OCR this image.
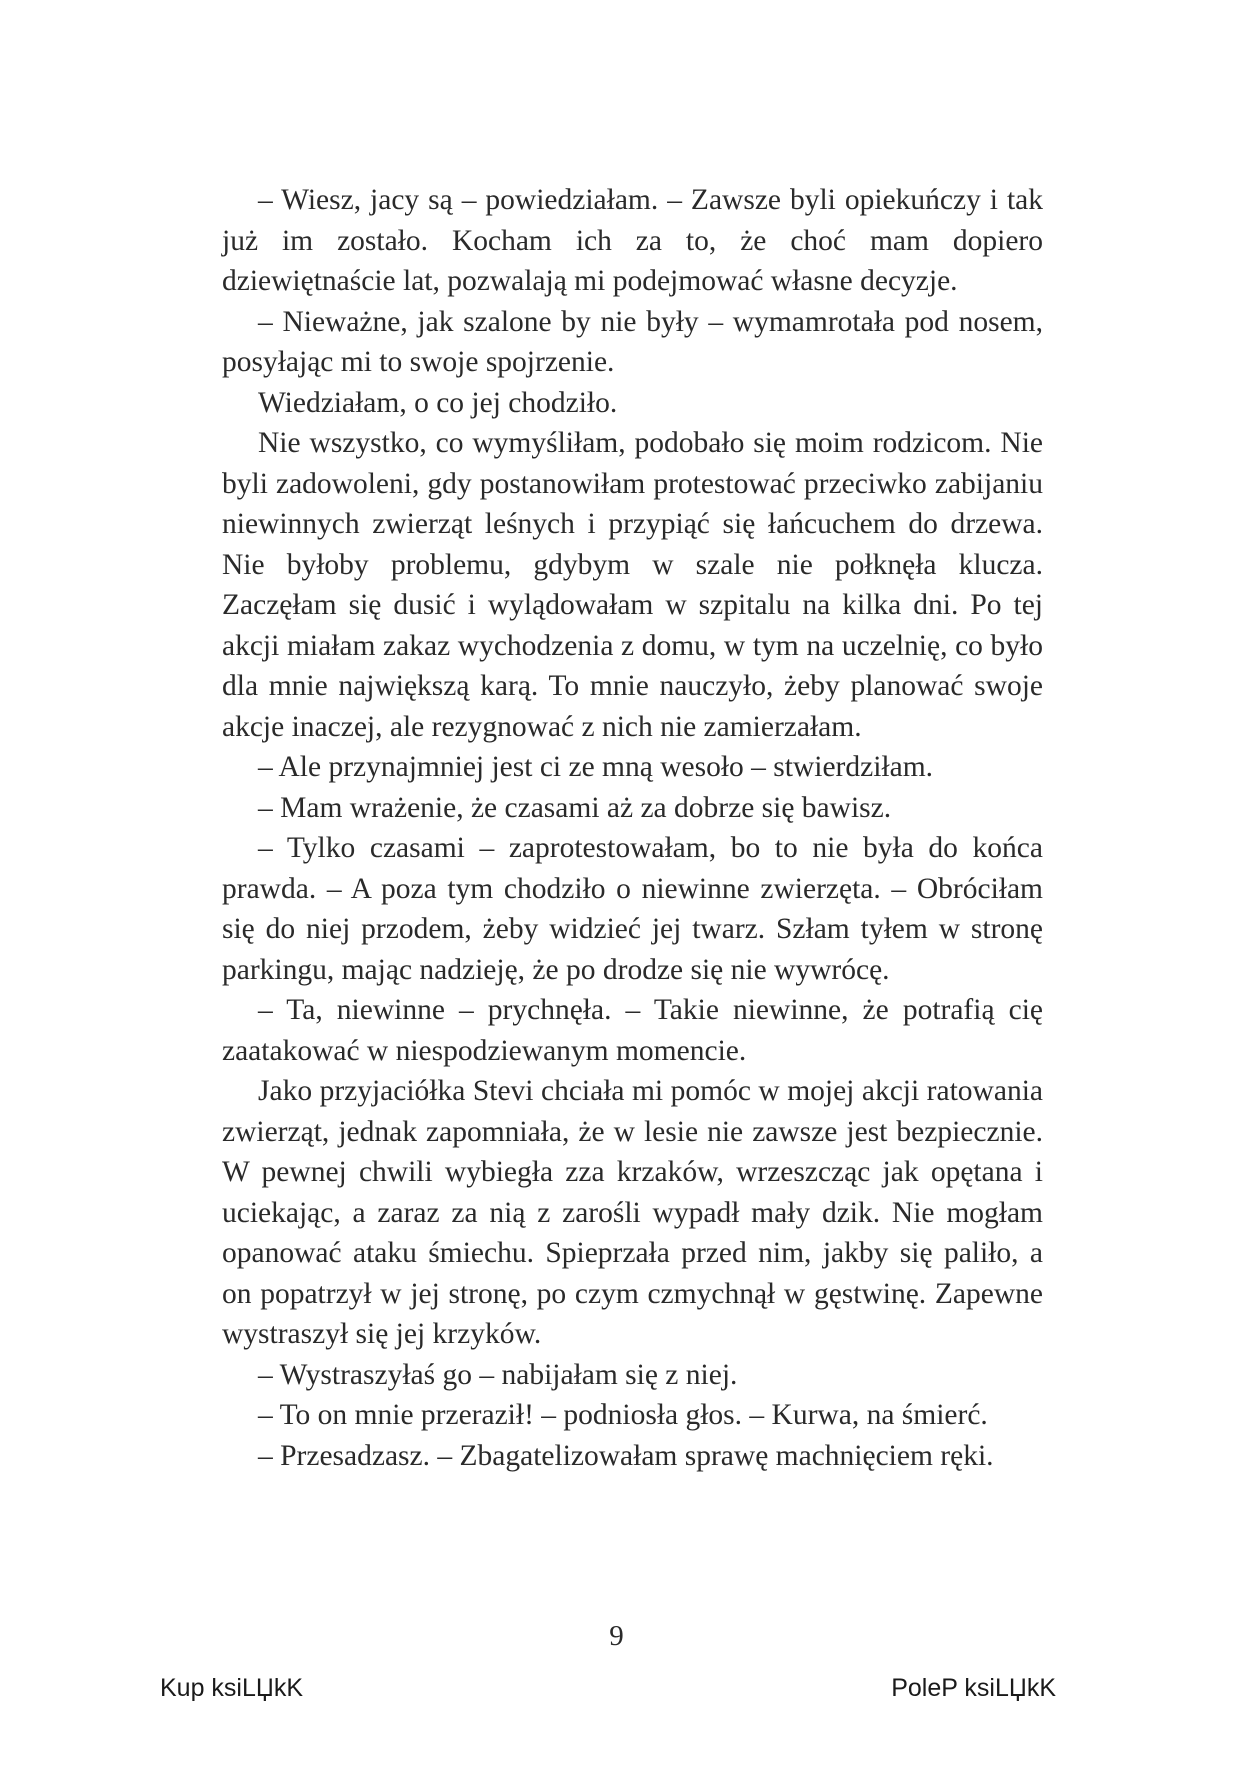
– Wiesz, jacy są – powiedziałam. – Zawsze byli opiekuńczy i tak już im zostało. Kocham ich za to, że choć mam dopiero dziewiętnaście lat, pozwalają mi podejmować własne decyzje.

– Nieważne, jak szalone by nie były – wymamrotała pod nosem, posyłając mi to swoje spojrzenie.

Wiedziałam, o co jej chodziło.

Nie wszystko, co wymyśliłam, podobało się moim rodzicom. Nie byli zadowoleni, gdy postanowiłam protestować przeciwko zabijaniu niewinnych zwierząt leśnych i przypiąć się łańcuchem do drzewa. Nie byłoby problemu, gdybym w szale nie połknęła klucza. Zaczęłam się dusić i wylądowałam w szpitalu na kilka dni. Po tej akcji miałam zakaz wychodzenia z domu, w tym na uczelnię, co było dla mnie największą karą. To mnie nauczyło, żeby planować swoje akcje inaczej, ale rezygnować z nich nie zamierzałam.

– Ale przynajmniej jest ci ze mną wesoło – stwierdziłam.

– Mam wrażenie, że czasami aż za dobrze się bawisz.

– Tylko czasami – zaprotestowałam, bo to nie była do końca prawda. – A poza tym chodziło o niewinne zwierzęta. – Obróciłam się do niej przodem, żeby widzieć jej twarz. Szłam tyłem w stronę parkingu, mając nadzieję, że po drodze się nie wywrócę.

– Ta, niewinne – prychnęła. – Takie niewinne, że potrafią cię zaatakować w niespodziewanym momencie.

Jako przyjaciółka Stevi chciała mi pomóc w mojej akcji ratowania zwierząt, jednak zapomniała, że w lesie nie zawsze jest bezpiecznie. W pewnej chwili wybiegła zza krzaków, wrzeszcząc jak opętana i uciekając, a zaraz za nią z zarośli wypadł mały dzik. Nie mogłam opanować ataku śmiechu. Spieprzała przed nim, jakby się paliło, a on popatrzył w jej stronę, po czym czmychnął w gęstwinę. Zapewne wystraszył się jej krzyków.

– Wystraszyłaś go – nabijałam się z niej.

– To on mnie przeraził! – podniosła głos. – Kurwa, na śmierć.

– Przesadzasz. – Zbagatelizowałam sprawę machnięciem ręki.

9
Kup ksiLЏkK	PoleP ksiLЏkK
